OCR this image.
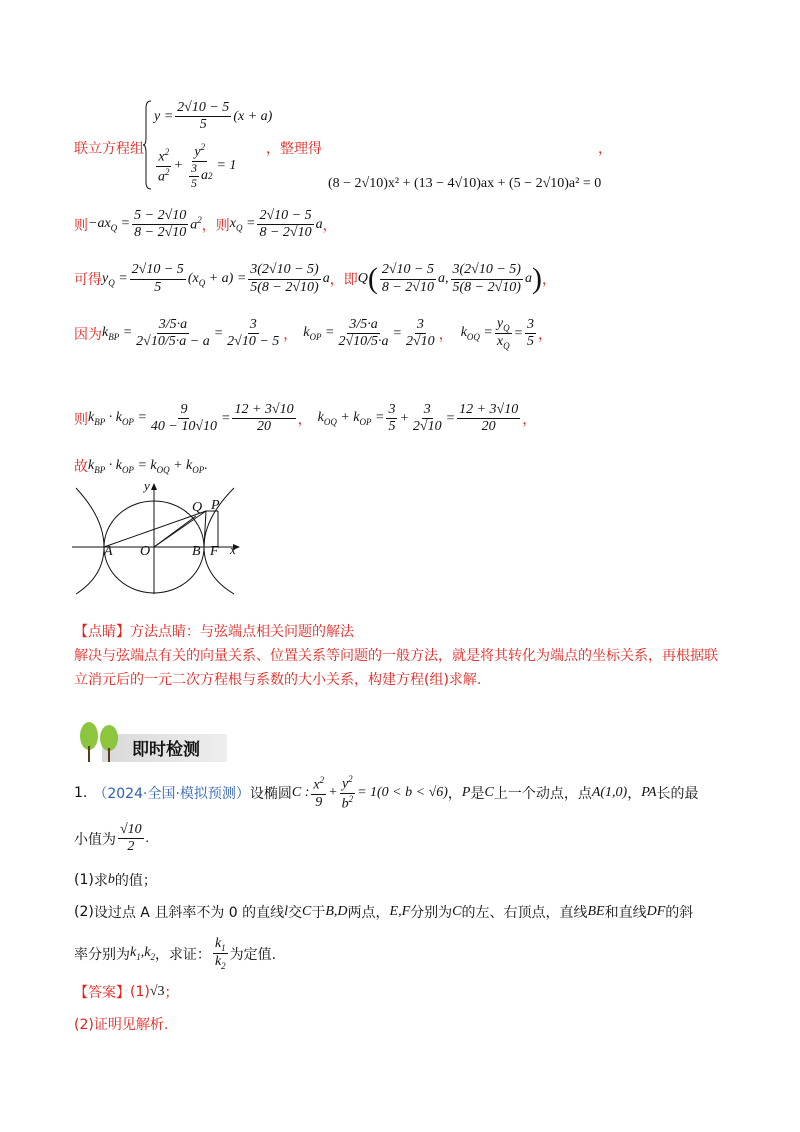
联立方程组
$y = \frac{2√10 - 5}{5} (x + a)$
$\frac{x^2}{a^2} + \frac{y^2}{\frac{3}{5} a 2} = 1$
，整理得	，
(8 − 2√10)x² + (13 − 4√10)ax + (5 − 2√10)a² = 0
则 $-ax_Q = \frac{5 - 2√10}{8 - 2√10} a^2$ ，则 $x_Q = \frac{2√10 - 5}{8 - 2√10}$ a ，
可得 $y_Q = \frac{2√10 - 5}{5} (x_Q + a) = \frac{3(2√10 - 5)}{5(8 - 2√10)}$ a ，即 Q ( $\frac{2√10 - 5}{8 - 2√10} a$, $\frac{3(2√10 - 5)}{5(8 - 2√10)}$ a ) ，
因为 $k_{BP} = \frac{3/5\cdot a}{2√10/5\cdot a - a} = \frac{3}{2√10 - 5}$ ， $k_{OP} = \frac{3/5\cdot a}{2√10/5\cdot a} = \frac{3}{2√10}$ ， $k_{OQ} = \frac{y_Q}{x_Q} = \frac{3}{5}$ ，
则 $k_{BP} \cdot k_{OP} = \frac{9}{40 - 10√10} = \frac{12 + 3√10}{20}$ ， $k_{OQ} + k_{OP} = \frac{3}{5} + \frac{3}{2√10} = \frac{12 + 3√10}{20}$ ，
故 $k_{BP} \cdot k_{OP} = k_{OQ} + k_{OP}$ .
y
x
O
A	B F
P
Q
【点睛】方法点睛：与弦端点相关问题的解法
解决与弦端点有关的向量关系、位置关系等问题的一般方法，就是将其转化为端点的坐标关系，再根据联
立消元后的一元二次方程根与系数的大小关系，构建方程(组)求解.
即时检测
1. （2024·全国·模拟预测） 设椭圆 C : $\frac{x^2}{9} + \frac{y^2}{b^2} = 1(0 < b < √6)$ ， P 是 C 上一个动点，点 A(1,0) ， PA 长的最
小值为 $\frac{√10}{2}$ .
(1) 求 b 的值；
(2) 设过点 A 且斜率不为 0 的直线 l 交 C 于 B,D 两点， E,F 分别为 C 的左、右顶点，直线 BE 和直线 DF 的斜
率分别为 $k_1,k_2$ ，求证： $\frac{k_1}{k_2}$ 为定值.
【答案】 (1) √3 ；
(2)证明见解析.
